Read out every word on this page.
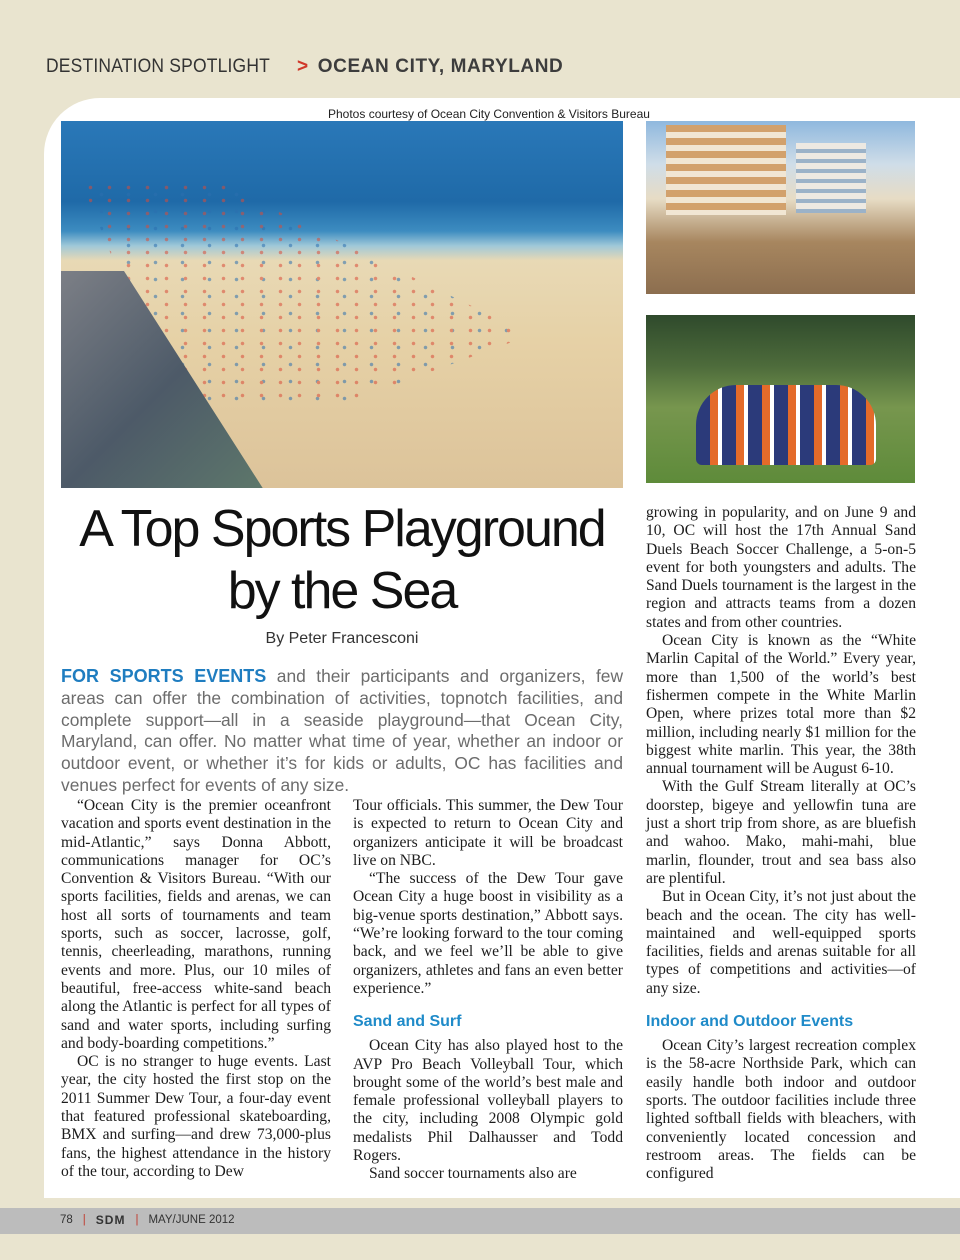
DESTINATION SPOTLIGHT > OCEAN CITY, MARYLAND
Photos courtesy of Ocean City Convention & Visitors Bureau
A Top Sports Playground
by the Sea
By Peter Francesconi
FOR SPORTS EVENTS and their participants and organizers, few areas can offer the combination of activities, topnotch facilities, and complete support—all in a seaside playground—that Ocean City, Maryland, can offer. No matter what time of year, whether an indoor or outdoor event, or whether it’s for kids or adults, OC has facilities and venues perfect for events of any size.

“Ocean City is the premier oceanfront vacation and sports event destination in the mid-Atlantic,” says Donna Abbott, communications manager for OC’s Convention & Visitors Bureau. “With our sports facilities, fields and arenas, we can host all sorts of tournaments and team sports, such as soccer, lacrosse, golf, tennis, cheerleading, marathons, running events and more. Plus, our 10 miles of beautiful, free-access white-sand beach along the Atlantic is perfect for all types of sand and water sports, including surfing and body-boarding competitions.”

OC is no stranger to huge events. Last year, the city hosted the first stop on the 2011 Summer Dew Tour, a four-day event that featured professional skateboarding, BMX and surfing—and drew 73,000-plus fans, the highest attendance in the history of the tour, according to Dew

Tour officials. This summer, the Dew Tour is expected to return to Ocean City and organizers anticipate it will be broadcast live on NBC.

“The success of the Dew Tour gave Ocean City a huge boost in visibility as a big-venue sports destination,” Abbott says. “We’re looking forward to the tour coming back, and we feel we’ll be able to give organizers, athletes and fans an even better experience.”

Sand and Surf

Ocean City has also played host to the AVP Pro Beach Volleyball Tour, which brought some of the world’s best male and female professional volleyball players to the city, including 2008 Olympic gold medalists Phil Dalhausser and Todd Rogers.

Sand soccer tournaments also are

growing in popularity, and on June 9 and 10, OC will host the 17th Annual Sand Duels Beach Soccer Challenge, a 5-on-5 event for both youngsters and adults. The Sand Duels tournament is the largest in the region and attracts teams from a dozen states and from other countries.

Ocean City is known as the “White Marlin Capital of the World.” Every year, more than 1,500 of the world’s best fishermen compete in the White Marlin Open, where prizes total more than $2 million, including nearly $1 million for the biggest white marlin. This year, the 38th annual tournament will be August 6-10.

With the Gulf Stream literally at OC’s doorstep, bigeye and yellowfin tuna are just a short trip from shore, as are bluefish and wahoo. Mako, mahi-mahi, blue marlin, flounder, trout and sea bass also are plentiful.

But in Ocean City, it’s not just about the beach and the ocean. The city has well-maintained and well-equipped sports facilities, fields and arenas suitable for all types of competitions and activities—of any size.

Indoor and Outdoor Events

Ocean City’s largest recreation complex is the 58-acre Northside Park, which can easily handle both indoor and outdoor sports. The outdoor facilities include three lighted softball fields with bleachers, with conveniently located concession and restroom areas. The fields can be configured

78 | SDM | MAY/JUNE 2012
